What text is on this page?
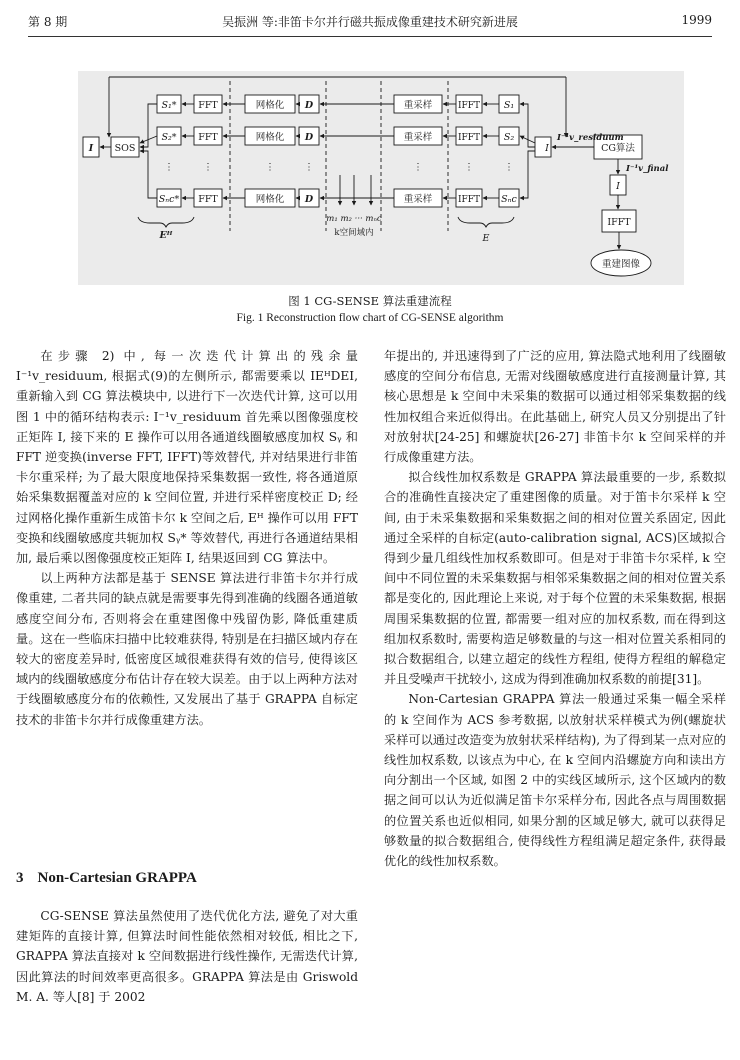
第 8 期	吴振洲 等:非笛卡尔并行磁共振成像重建技术研究新进展	1999
I SOS
S₁*
S₂*
Sₙc*
FFT
FFT
FFT
网格化
网格化
网格化
D
D
D
重采样
重采样
重采样
IFFT
IFFT
IFFT
S₁
S₂
Sₙc
⋮	⋮	⋮	⋮	⋮	⋮	⋮
Eᴴ	E
m₁ m₂ ··· mₙc
k空间域内
I⁻¹v_residuum
CG算法
I⁻¹v_final
I
IFFT
重建图像
I
图 1 CG-SENSE 算法重建流程
Fig. 1 Reconstruction flow chart of CG-SENSE algorithm

在步骤 2) 中, 每一次迭代计算出的残余量 I⁻¹v_residuum, 根据式(9)的左侧所示, 都需要乘以 IEᴴDEI, 重新输入到 CG 算法模块中, 以进行下一次迭代计算, 这可以用图 1 中的循环结构表示: I⁻¹v_residuum 首先乘以图像强度校正矩阵 I, 接下来的 E 操作可以用各通道线圈敏感度加权 Sᵧ 和 FFT 逆变换(inverse FFT, IFFT)等效替代, 并对结果进行非笛卡尔重采样; 为了最大限度地保持采集数据一致性, 将各通道原始采集数据覆盖对应的 k 空间位置, 并进行采样密度校正 D; 经过网格化操作重新生成笛卡尔 k 空间之后, Eᴴ 操作可以用 FFT 变换和线圈敏感度共轭加权 Sᵧ* 等效替代, 再进行各通道结果相加, 最后乘以图像强度校正矩阵 I, 结果返回到 CG 算法中。

以上两种方法都是基于 SENSE 算法进行非笛卡尔并行成像重建, 二者共同的缺点就是需要事先得到准确的线圈各通道敏感度空间分布, 否则将会在重建图像中残留伪影, 降低重建质量。这在一些临床扫描中比较难获得, 特别是在扫描区域内存在较大的密度差异时, 低密度区域很难获得有效的信号, 使得该区域内的线圈敏感度分布估计存在较大误差。由于以上两种方法对于线圈敏感度分布的依赖性, 又发展出了基于 GRAPPA 自标定技术的非笛卡尔并行成像重建方法。

3 Non-Cartesian GRAPPA

CG-SENSE 算法虽然使用了迭代优化方法, 避免了对大重建矩阵的直接计算, 但算法时间性能依然相对较低, 相比之下, GRAPPA 算法直接对 k 空间数据进行线性操作, 无需迭代计算, 因此算法的时间效率更高很多。GRAPPA 算法是由 Griswold M. A. 等人[8] 于 2002

年提出的, 并迅速得到了广泛的应用, 算法隐式地利用了线圈敏感度的空间分布信息, 无需对线圈敏感度进行直接测量计算, 其核心思想是 k 空间中未采集的数据可以通过相邻采集数据的线性加权组合来近似得出。在此基础上, 研究人员又分别提出了针对放射状[24-25] 和螺旋状[26-27] 非笛卡尔 k 空间采样的并行成像重建方法。

拟合线性加权系数是 GRAPPA 算法最重要的一步, 系数拟合的准确性直接决定了重建图像的质量。对于笛卡尔采样 k 空间, 由于未采集数据和采集数据之间的相对位置关系固定, 因此通过全采样的自标定(auto-calibration signal, ACS)区域拟合得到少量几组线性加权系数即可。但是对于非笛卡尔采样, k 空间中不同位置的未采集数据与相邻采集数据之间的相对位置关系都是变化的, 因此理论上来说, 对于每个位置的未采集数据, 根据周围采集数据的位置, 都需要一组对应的加权系数, 而在得到这组加权系数时, 需要构造足够数量的与这一相对位置关系相同的拟合数据组合, 以建立超定的线性方程组, 使得方程组的解稳定并且受噪声干扰较小, 这成为得到准确加权系数的前提[31]。

Non-Cartesian GRAPPA 算法一般通过采集一幅全采样的 k 空间作为 ACS 参考数据, 以放射状采样模式为例(螺旋状采样可以通过改造变为放射状采样结构), 为了得到某一点对应的线性加权系数, 以该点为中心, 在 k 空间内沿螺旋方向和读出方向分割出一个区域, 如图 2 中的实线区域所示, 这个区域内的数据之间可以认为近似满足笛卡尔采样分布, 因此各点与周围数据的位置关系也近似相同, 如果分割的区域足够大, 就可以获得足够数量的拟合数据组合, 使得线性方程组满足超定条件, 获得最优化的线性加权系数。
